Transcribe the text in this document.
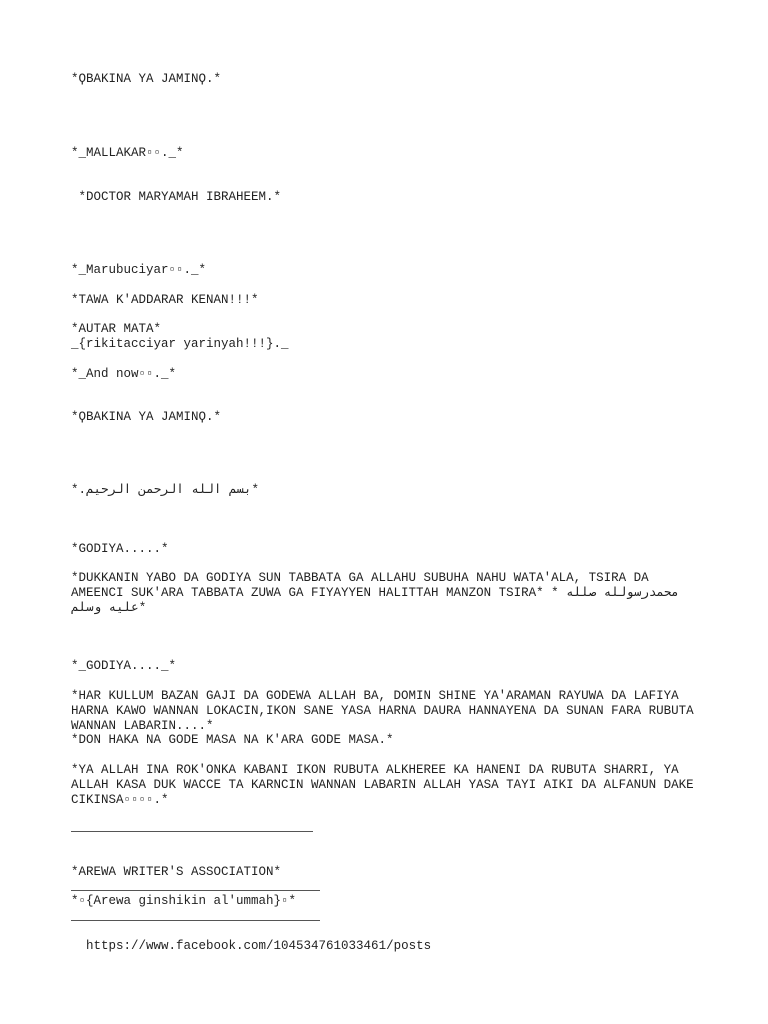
*ϘBAKINA YA JAMINϘ.*
*_MALLAKAR▫▫._*
*DOCTOR MARYAMAH IBRAHEEM.*
*_Marubuciyar▫▫._*
*TAWA K'ADDARAR KENAN!!!*
*AUTAR MATA*
_{rikitacciyar yarinyah!!!}._
*_And now▫▫._*
*ϘBAKINA YA JAMINϘ.*
*بسم الله الرحمن الرحيم.*
*GODIYA.....*
*DUKKANIN YABO DA GODIYA SUN TABBATA GA ALLAHU SUBUHA NAHU WATA'ALA, TSIRA DA AMEENCI SUK'ARA TABBATA ZUWA GA FIYAYYEN HALITTAH MANZON TSIRA* * محمدرسولله صلله عليه وسلم*
*_GODIYA...._*
*HAR KULLUM BAZAN GAJI DA GODEWA ALLAH BA, DOMIN SHINE YA'ARAMAN RAYUWA DA LAFIYA HARNA KAWO WANNAN LOKACIN,IKON SANE YASA HARNA DAURA HANNAYENA DA SUNAN FARA RUBUTA WANNAN LABARIN....*
*DON HAKA NA GODE MASA NA K'ARA GODE MASA.*
*YA ALLAH INA ROK'ONKA KABANI IKON RUBUTA ALKHEREE KA HANENI DA RUBUTA SHARRI, YA ALLAH KASA DUK WACCE TA KARNCIN WANNAN LABARIN ALLAH YASA TAYI AIKI DA ALFANUN DAKE CIKINSA▫▫▫▫.*
*AREWA WRITER'S ASSOCIATION*
*▫{Arewa ginshikin al'ummah}▫*

https://www.facebook.com/104534761033461/posts
